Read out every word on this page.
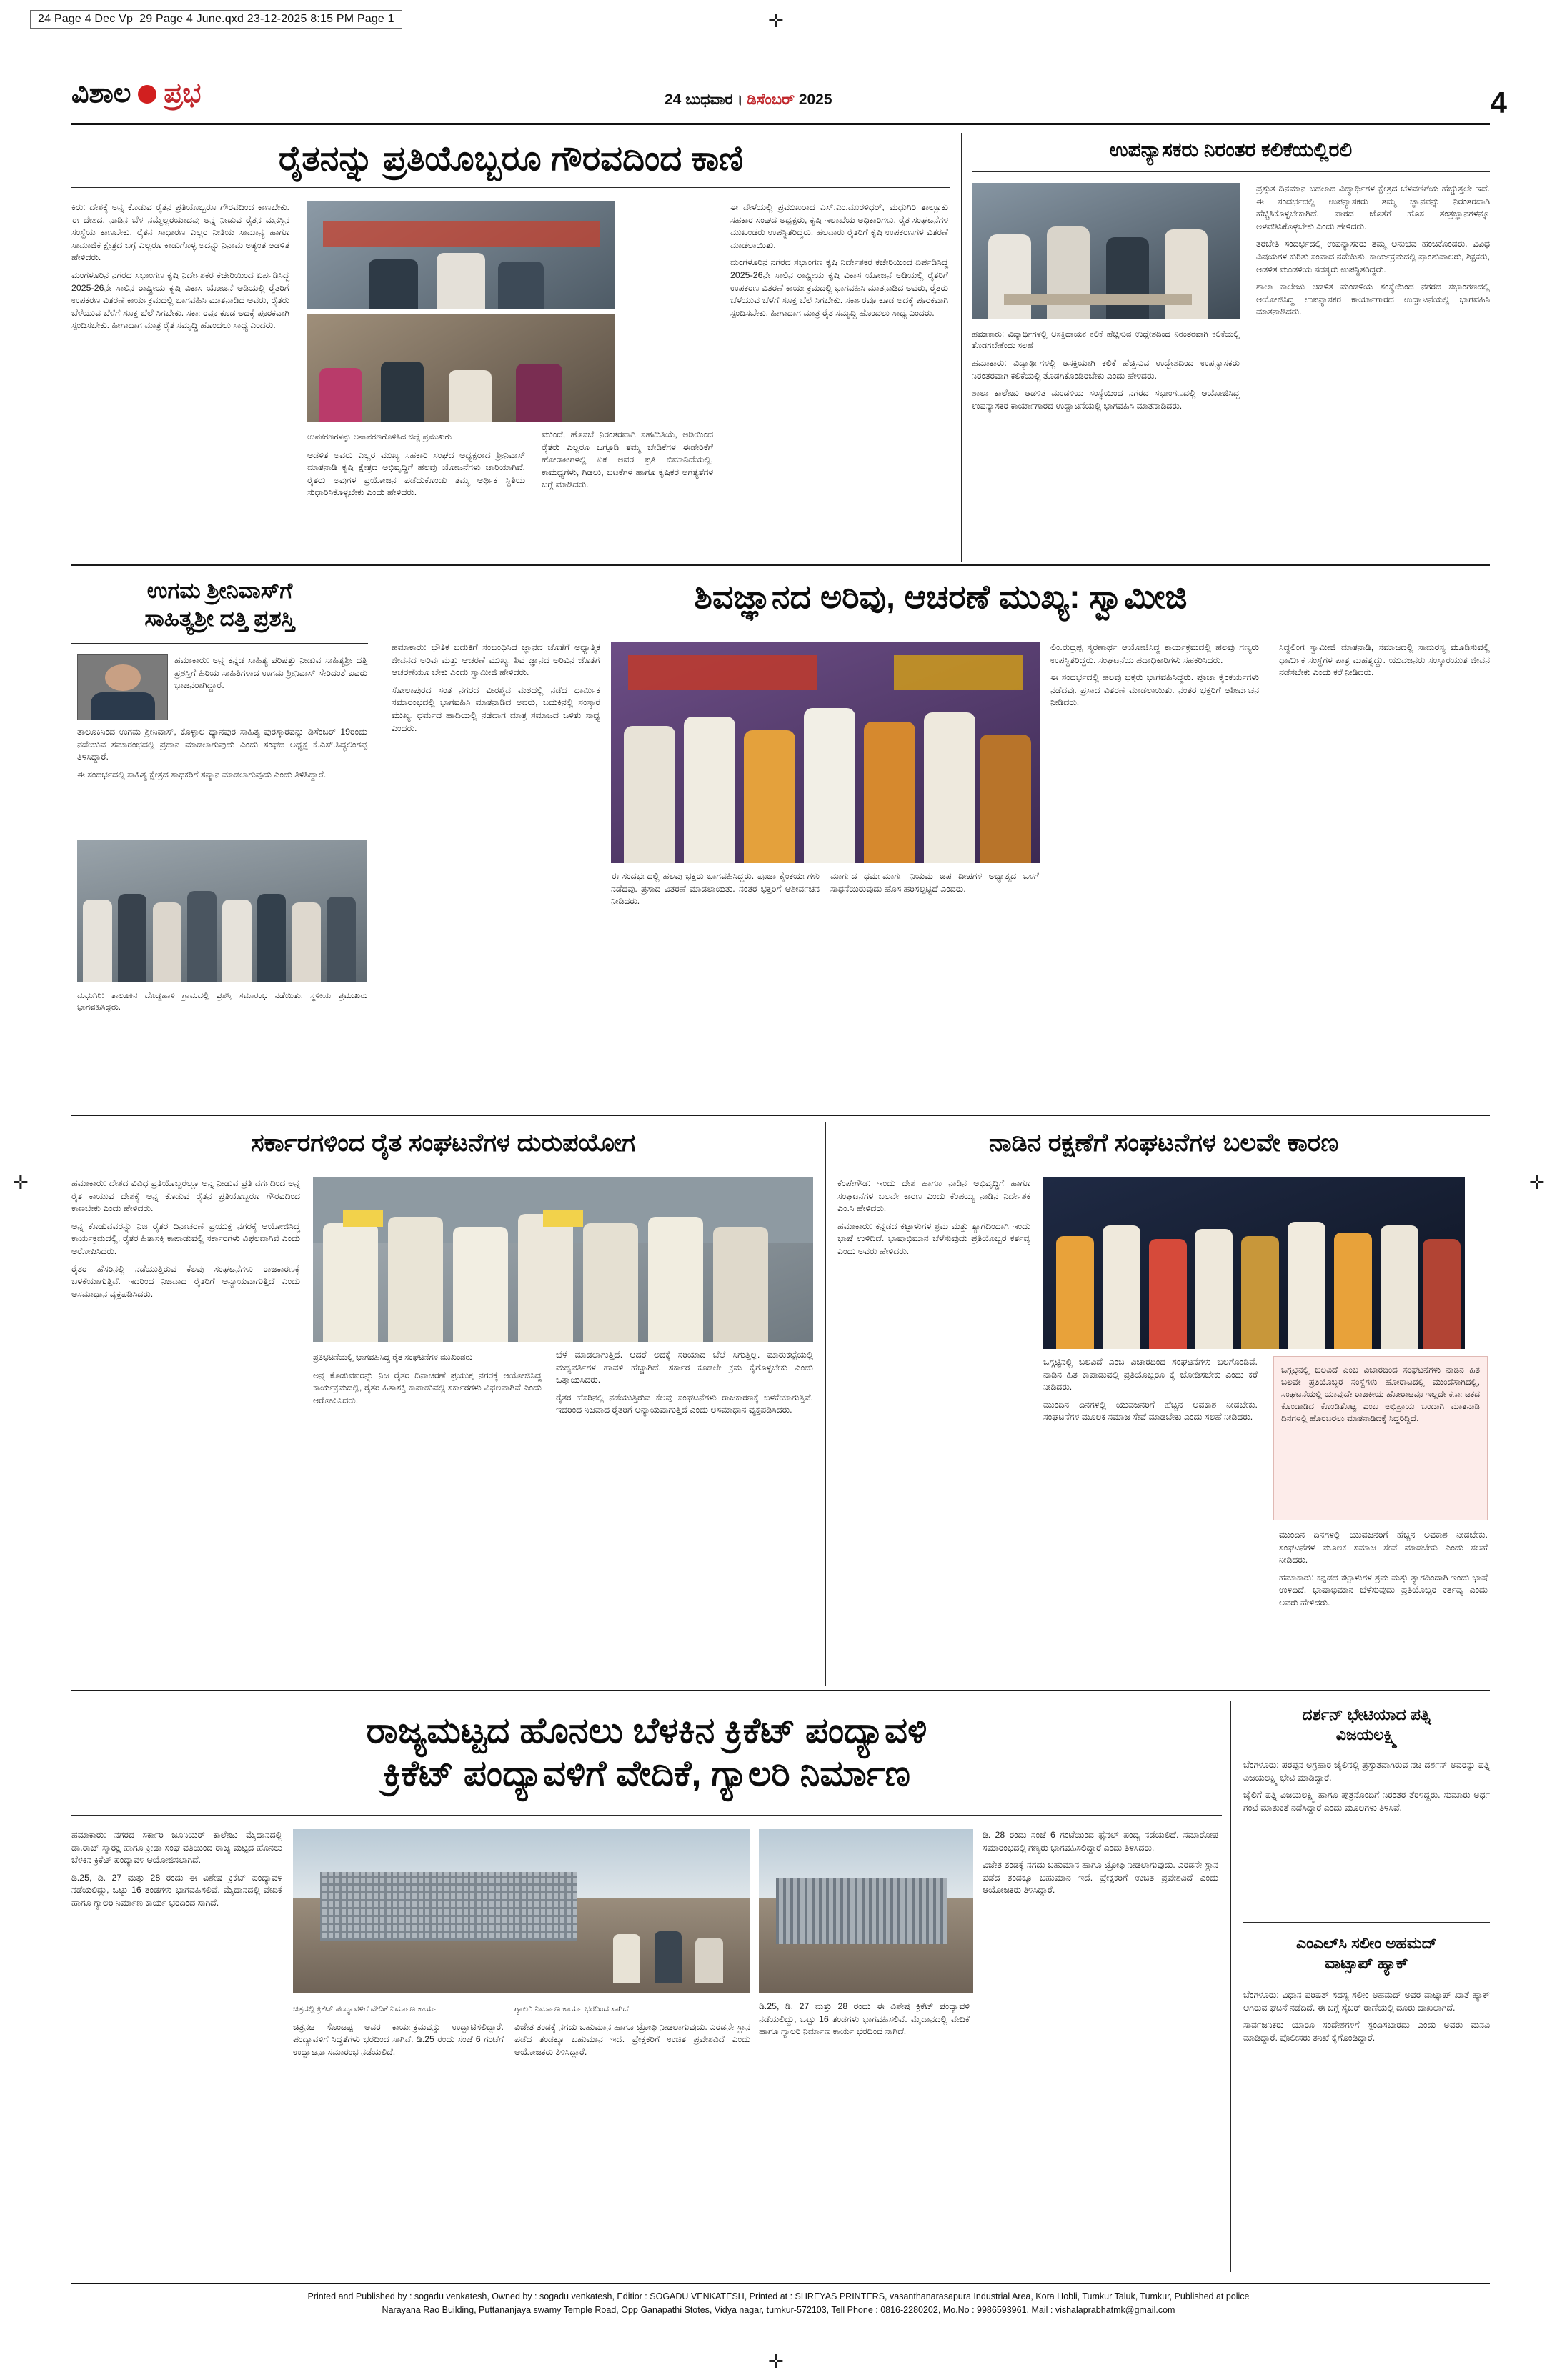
24 Page 4 Dec Vp_29 Page 4 June.qxd 23-12-2025 8:15 PM Page 1	✛
✛	✛
✛
ವಿಶಾಲ ಪ್ರಭ	24 ಬುಧವಾರ । ಡಿಸೆಂಬರ್ 2025	4
ರೈತನನ್ನು ಪ್ರತಿಯೊಬ್ಬರೂ ಗೌರವದಿಂದ ಕಾಣಿ

ಕಿರು: ದೇಶಕ್ಕೆ ಅನ್ನ ಕೊಡುವ ರೈತನ ಪ್ರತಿಯೊಬ್ಬರೂ ಗೌರವದಿಂದ ಕಾಣಬೇಕು. ಈ ದೇಶದ, ನಾಡಿನ ಬೆಳ ನಮ್ಮೆಲ್ಲರಯಾದವು ಅನ್ನ ನೀಡುವ ರೈತನ ಮನಸ್ಸಿನ ಸಂಸ್ಥೆಯ ಕಾಣಬೇಕು. ರೈತನ ಸಾಧಾರಣ ಎಲ್ಲರ ನೀತಿಯ ಸಾಮಾನ್ಯ ಹಾಗೂ ಸಾಮಾಜಿಕ ಕ್ಷೇತ್ರದ ಬಗ್ಗೆ ಎಲ್ಲರೂ ಕಾಡುಗೊಳ್ಳ ಅದನ್ನು ನಿನಾಮ ಅತ್ಯಂತ ಆಡಳಿತ ಹೇಳಿದರು.

ಮಂಗಳೂರಿನ ನಗರದ ಸಭಾಂಗಣ ಕೃಷಿ ನಿರ್ದೇಶಕರ ಕಚೇರಿಯಿಂದ ಏರ್ಪಡಿಸಿದ್ದ 2025-26ನೇ ಸಾಲಿನ ರಾಷ್ಟ್ರೀಯ ಕೃಷಿ ವಿಕಾಸ ಯೋಜನೆ ಅಡಿಯಲ್ಲಿ ರೈತರಿಗೆ ಉಪಕರಣ ವಿತರಣೆ ಕಾರ್ಯಕ್ರಮದಲ್ಲಿ ಭಾಗವಹಿಸಿ ಮಾತನಾಡಿದ ಅವರು, ರೈತರು ಬೆಳೆಯುವ ಬೆಳೆಗೆ ಸೂಕ್ತ ಬೆಲೆ ಸಿಗಬೇಕು. ಸರ್ಕಾರವೂ ಕೂಡ ಅದಕ್ಕೆ ಪೂರಕವಾಗಿ ಸ್ಪಂದಿಸಬೇಕು. ಹೀಗಾದಾಗ ಮಾತ್ರ ರೈತ ಸಮೃದ್ಧಿ ಹೊಂದಲು ಸಾಧ್ಯ ಎಂದರು.

ಉಪಕರಣಗಳನ್ನು ಅನಾವರಣಗೊಳಿಸಿದ ಜಿಲ್ಲೆ ಪ್ರಮುಖರು

ಆಡಳಿತ ಅವರು ಎಲ್ಲರ ಮುಖ್ಯ ಸಹಕಾರಿ ಸಂಘದ ಅಧ್ಯಕ್ಷರಾದ ಶ್ರೀನಿವಾಸ್ ಮಾತನಾಡಿ ಕೃಷಿ ಕ್ಷೇತ್ರದ ಅಭಿವೃದ್ಧಿಗೆ ಹಲವು ಯೋಜನೆಗಳು ಜಾರಿಯಾಗಿವೆ. ರೈತರು ಅವುಗಳ ಪ್ರಯೋಜನ ಪಡೆದುಕೊಂಡು ತಮ್ಮ ಆರ್ಥಿಕ ಸ್ಥಿತಿಯ ಸುಧಾರಿಸಿಕೊಳ್ಳಬೇಕು ಎಂದು ಹೇಳಿದರು.

ಮುಂದೆ, ಹೊಸಬೆ ನಿರಂತರವಾಗಿ ಸಹಮಿತಿಯೆ, ಅಡಿಯಿಂದ ರೈತರು ಎಲ್ಲರೂ ಒಗ್ಗೂಡಿ ತಮ್ಮ ಬೇಡಿಕೆಗಳ ಈಡೇರಿಕೆಗೆ ಹೋರಾಟಗಳಲ್ಲಿ ಏಕ ಅವರ ಪ್ರತಿ ಬಿಮಾನಿದೆಯಲ್ಲಿ, ಕಾಮಧ್ಯಗಳು, ಗಿಡಲು, ಬಟಕೆಗಳ ಹಾಗೂ ಕೃಷಿಕರ ಅಗತ್ಯತೆಗಳ ಬಗ್ಗೆ ಮಾಡಿದರು.

ಈ ವೇಳೆಯಲ್ಲಿ ಪ್ರಮುಖರಾದ ಎಸ್.ಎಂ.ಮುರಳಿಧರ್, ಮಧುಗಿರಿ ತಾಲ್ಲೂಕು ಸಹಕಾರ ಸಂಘದ ಅಧ್ಯಕ್ಷರು, ಕೃಷಿ ಇಲಾಖೆಯ ಅಧಿಕಾರಿಗಳು, ರೈತ ಸಂಘಟನೆಗಳ ಮುಖಂಡರು ಉಪಸ್ಥಿತರಿದ್ದರು. ಹಲವಾರು ರೈತರಿಗೆ ಕೃಷಿ ಉಪಕರಣಗಳ ವಿತರಣೆ ಮಾಡಲಾಯಿತು.

ಮಂಗಳೂರಿನ ನಗರದ ಸಭಾಂಗಣ ಕೃಷಿ ನಿರ್ದೇಶಕರ ಕಚೇರಿಯಿಂದ ಏರ್ಪಡಿಸಿದ್ದ 2025-26ನೇ ಸಾಲಿನ ರಾಷ್ಟ್ರೀಯ ಕೃಷಿ ವಿಕಾಸ ಯೋಜನೆ ಅಡಿಯಲ್ಲಿ ರೈತರಿಗೆ ಉಪಕರಣ ವಿತರಣೆ ಕಾರ್ಯಕ್ರಮದಲ್ಲಿ ಭಾಗವಹಿಸಿ ಮಾತನಾಡಿದ ಅವರು, ರೈತರು ಬೆಳೆಯುವ ಬೆಳೆಗೆ ಸೂಕ್ತ ಬೆಲೆ ಸಿಗಬೇಕು. ಸರ್ಕಾರವೂ ಕೂಡ ಅದಕ್ಕೆ ಪೂರಕವಾಗಿ ಸ್ಪಂದಿಸಬೇಕು. ಹೀಗಾದಾಗ ಮಾತ್ರ ರೈತ ಸಮೃದ್ಧಿ ಹೊಂದಲು ಸಾಧ್ಯ ಎಂದರು.

ಉಪನ್ಯಾಸಕರು ನಿರಂತರ ಕಲಿಕೆಯಲ್ಲಿರಲಿ
ಹಮಾಕಾರು: ವಿದ್ಯಾರ್ಥಿಗಳಲ್ಲಿ ಆಸಕ್ತಿದಾಯಕ ಕಲಿಕೆ ಹೆಚ್ಚಿಸುವ ಉದ್ದೇಶದಿಂದ ನಿರಂತರವಾಗಿ ಕಲಿಕೆಯಲ್ಲಿ ತೊಡಗಬೇಕೆಂದು ಸಲಹೆ

ಹಮಾಕಾರು: ವಿದ್ಯಾರ್ಥಿಗಳಲ್ಲಿ ಆಸಕ್ತಿಯಾಗಿ ಕಲಿಕೆ ಹೆಚ್ಚಿಸುವ ಉದ್ದೇಶದಿಂದ ಉಪನ್ಯಾಸಕರು ನಿರಂತರವಾಗಿ ಕಲಿಕೆಯಲ್ಲಿ ತೊಡಗಿಕೊಂಡಿರಬೇಕು ಎಂದು ಹೇಳಿದರು.

ಶಾಲಾ ಕಾಲೇಜು ಆಡಳಿತ ಮಂಡಳಿಯ ಸಂಸ್ಥೆಯಿಂದ ನಗರದ ಸಭಾಂಗಣದಲ್ಲಿ ಆಯೋಜಿಸಿದ್ದ ಉಪನ್ಯಾಸಕರ ಕಾರ್ಯಾಗಾರದ ಉದ್ಘಾಟನೆಯಲ್ಲಿ ಭಾಗವಹಿಸಿ ಮಾತನಾಡಿದರು.

ಪ್ರಸ್ತುತ ದಿನಮಾನ ಬದಲಾದ ವಿದ್ಯಾರ್ಥಿಗಳ ಕ್ಷೇತ್ರದ ಬೆಳವಣಿಗೆಯ ಹೆಚ್ಚುತ್ತಲೇ ಇದೆ. ಈ ಸಂದರ್ಭದಲ್ಲಿ ಉಪನ್ಯಾಸಕರು ತಮ್ಮ ಜ್ಞಾನವನ್ನು ನಿರಂತರವಾಗಿ ಹೆಚ್ಚಿಸಿಕೊಳ್ಳಬೇಕಾಗಿದೆ. ಪಾಠದ ಜೊತೆಗೆ ಹೊಸ ತಂತ್ರಜ್ಞಾನಗಳನ್ನೂ ಅಳವಡಿಸಿಕೊಳ್ಳಬೇಕು ಎಂದು ಹೇಳಿದರು.

ತರಬೇತಿ ಸಂದರ್ಭದಲ್ಲಿ ಉಪನ್ಯಾಸಕರು ತಮ್ಮ ಅನುಭವ ಹಂಚಿಕೊಂಡರು. ವಿವಿಧ ವಿಷಯಗಳ ಕುರಿತು ಸಂವಾದ ನಡೆಯಿತು. ಕಾರ್ಯಕ್ರಮದಲ್ಲಿ ಪ್ರಾಂಶುಪಾಲರು, ಶಿಕ್ಷಕರು, ಆಡಳಿತ ಮಂಡಳಿಯ ಸದಸ್ಯರು ಉಪಸ್ಥಿತರಿದ್ದರು.

ಶಾಲಾ ಕಾಲೇಜು ಆಡಳಿತ ಮಂಡಳಿಯ ಸಂಸ್ಥೆಯಿಂದ ನಗರದ ಸಭಾಂಗಣದಲ್ಲಿ ಆಯೋಜಿಸಿದ್ದ ಉಪನ್ಯಾಸಕರ ಕಾರ್ಯಾಗಾರದ ಉದ್ಘಾಟನೆಯಲ್ಲಿ ಭಾಗವಹಿಸಿ ಮಾತನಾಡಿದರು.

ಉಗಮ ಶ್ರೀನಿವಾಸ್‌ಗೆ
ಸಾಹಿತ್ಯಶ್ರೀ ದತ್ತಿ ಪ್ರಶಸ್ತಿ

ಹಮಾಕಾರು: ಅನ್ನ ಕನ್ನಡ ಸಾಹಿತ್ಯ ಪರಿಷತ್ತು ನೀಡುವ ಸಾಹಿತ್ಯಶ್ರೀ ದತ್ತಿ ಪ್ರಶಸ್ತಿಗೆ ಹಿರಿಯ ಸಾಹಿತಿಗಳಾದ ಉಗಮ ಶ್ರೀನಿವಾಸ್ ಸೇರಿದಂತೆ ಐವರು ಭಾಜನರಾಗಿದ್ದಾರೆ.

ತಾಲೂಕಿನಿಂದ ಉಗಮ ಶ್ರೀನಿವಾಸ್, ಕೊಳ್ಳಾಲ ದ್ಯಾನಪುರ ಸಾಹಿತ್ಯ ಪುರಸ್ಕಾರವನ್ನು ಡಿಸೆಂಬರ್ 19ರಂದು ನಡೆಯುವ ಸಮಾರಂಭದಲ್ಲಿ ಪ್ರದಾನ ಮಾಡಲಾಗುವುದು ಎಂದು ಸಂಘದ ಅಧ್ಯಕ್ಷ ಕೆ.ಎಸ್.ಸಿದ್ಧಲಿಂಗಪ್ಪ ತಿಳಿಸಿದ್ದಾರೆ.

ಈ ಸಂದರ್ಭದಲ್ಲಿ ಸಾಹಿತ್ಯ ಕ್ಷೇತ್ರದ ಸಾಧಕರಿಗೆ ಸನ್ಮಾನ ಮಾಡಲಾಗುವುದು ಎಂದು ತಿಳಿಸಿದ್ದಾರೆ.

ಮಧುಗಿರಿ: ತಾಲೂಕಿನ ದೊಡ್ಡಹಾಳಿ ಗ್ರಾಮದಲ್ಲಿ ಪ್ರಶಸ್ತಿ ಸಮಾರಂಭ ನಡೆಯಿತು. ಸ್ಥಳೀಯ ಪ್ರಮುಖರು ಭಾಗವಹಿಸಿದ್ದರು.
ಶಿವಜ್ಞಾನದ ಅರಿವು, ಆಚರಣೆ ಮುಖ್ಯ: ಸ್ವಾಮೀಜಿ

ಹಮಾಕಾರು: ಭೌತಿಕ ಬದುಕಿಗೆ ಸಂಬಂಧಿಸಿದ ಜ್ಞಾನದ ಜೊತೆಗೆ ಆಧ್ಯಾತ್ಮಿಕ ಜೀವನದ ಅರಿವು ಮತ್ತು ಆಚರಣೆ ಮುಖ್ಯ. ಶಿವ ಜ್ಞಾನದ ಅರಿವಿನ ಜೊತೆಗೆ ಆಚರಣೆಯೂ ಬೇಕು ಎಂದು ಸ್ವಾಮೀಜಿ ಹೇಳಿದರು.

ಸೋಲಾಪುರದ ಸಂತ ನಗರದ ವೀರಶೈವ ಮಠದಲ್ಲಿ ನಡೆದ ಧಾರ್ಮಿಕ ಸಮಾರಂಭದಲ್ಲಿ ಭಾಗವಹಿಸಿ ಮಾತನಾಡಿದ ಅವರು, ಬದುಕಿನಲ್ಲಿ ಸಂಸ್ಕಾರ ಮುಖ್ಯ. ಧರ್ಮದ ಹಾದಿಯಲ್ಲಿ ನಡೆದಾಗ ಮಾತ್ರ ಸಮಾಜದ ಒಳಿತು ಸಾಧ್ಯ ಎಂದರು.

ಈ ಸಂದರ್ಭದಲ್ಲಿ ಹಲವು ಭಕ್ತರು ಭಾಗವಹಿಸಿದ್ದರು. ಪೂಜಾ ಕೈಂಕರ್ಯಗಳು ನಡೆದವು. ಪ್ರಸಾದ ವಿತರಣೆ ಮಾಡಲಾಯಿತು. ನಂತರ ಭಕ್ತರಿಗೆ ಆಶೀರ್ವಚನ ನೀಡಿದರು.

ಮಾರ್ಗದ ಧರ್ಮಮಾರ್ಗ ನಿಯಮ ಜಪ ದೀಪಗಳ ಅಧ್ಯಾತ್ಮದ ಒಳಗೆ ಸಾಧನೆಯಿರುವುದು ಹೊಸ ಹರಿಸಲ್ಪಟ್ಟಿದೆ ಎಂದರು.

ಲಿಂ.ರುದ್ರಪ್ಪ ಸ್ಮರಣಾರ್ಥ ಆಯೋಜಿಸಿದ್ದ ಕಾರ್ಯಕ್ರಮದಲ್ಲಿ ಹಲವು ಗಣ್ಯರು ಉಪಸ್ಥಿತರಿದ್ದರು. ಸಂಘಟನೆಯ ಪದಾಧಿಕಾರಿಗಳು ಸಹಕರಿಸಿದರು.

ಈ ಸಂದರ್ಭದಲ್ಲಿ ಹಲವು ಭಕ್ತರು ಭಾಗವಹಿಸಿದ್ದರು. ಪೂಜಾ ಕೈಂಕರ್ಯಗಳು ನಡೆದವು. ಪ್ರಸಾದ ವಿತರಣೆ ಮಾಡಲಾಯಿತು. ನಂತರ ಭಕ್ತರಿಗೆ ಆಶೀರ್ವಚನ ನೀಡಿದರು.

ಸಿದ್ಧಲಿಂಗ ಸ್ವಾಮೀಜಿ ಮಾತನಾಡಿ, ಸಮಾಜದಲ್ಲಿ ಸಾಮರಸ್ಯ ಮೂಡಿಸುವಲ್ಲಿ ಧಾರ್ಮಿಕ ಸಂಸ್ಥೆಗಳ ಪಾತ್ರ ಮಹತ್ವದ್ದು. ಯುವಜನರು ಸಂಸ್ಕಾರಯುತ ಜೀವನ ನಡೆಸಬೇಕು ಎಂದು ಕರೆ ನೀಡಿದರು.

ಸರ್ಕಾರಗಳಿಂದ ರೈತ ಸಂಘಟನೆಗಳ ದುರುಪಯೋಗ

ಹಮಾಕಾರು: ದೇಶದ ವಿವಿಧ ಪ್ರತಿಯೊಬ್ಬರಲ್ಲೂ ಅನ್ನ ನೀಡುವ ಪ್ರತಿ ವರ್ಗದಿಂದ ಅನ್ನ ರೈತ ಕಾಯುವ ದೇಶಕ್ಕೆ ಅನ್ನ ಕೊಡುವ ರೈತನ ಪ್ರತಿಯೊಬ್ಬರೂ ಗೌರವದಿಂದ ಕಾಣಬೇಕು ಎಂದು ಹೇಳಿದರು.

ಅನ್ನ ಕೊಡುವವರನ್ನು ನಿಜ ರೈತರ ದಿನಾಚರಣೆ ಪ್ರಯುಕ್ತ ನಗರಕ್ಕೆ ಆಯೋಜಿಸಿದ್ದ ಕಾರ್ಯಕ್ರಮದಲ್ಲಿ, ರೈತರ ಹಿತಾಸಕ್ತಿ ಕಾಪಾಡುವಲ್ಲಿ ಸರ್ಕಾರಗಳು ವಿಫಲವಾಗಿವೆ ಎಂದು ಆರೋಪಿಸಿದರು.

ರೈತರ ಹೆಸರಿನಲ್ಲಿ ನಡೆಯುತ್ತಿರುವ ಕೆಲವು ಸಂಘಟನೆಗಳು ರಾಜಕಾರಣಕ್ಕೆ ಬಳಕೆಯಾಗುತ್ತಿವೆ. ಇದರಿಂದ ನಿಜವಾದ ರೈತರಿಗೆ ಅನ್ಯಾಯವಾಗುತ್ತಿದೆ ಎಂದು ಅಸಮಾಧಾನ ವ್ಯಕ್ತಪಡಿಸಿದರು.

ಪ್ರತಿಭಟನೆಯಲ್ಲಿ ಭಾಗವಹಿಸಿದ್ದ ರೈತ ಸಂಘಟನೆಗಳ ಮುಖಂಡರು

ಅನ್ನ ಕೊಡುವವರನ್ನು ನಿಜ ರೈತರ ದಿನಾಚರಣೆ ಪ್ರಯುಕ್ತ ನಗರಕ್ಕೆ ಆಯೋಜಿಸಿದ್ದ ಕಾರ್ಯಕ್ರಮದಲ್ಲಿ, ರೈತರ ಹಿತಾಸಕ್ತಿ ಕಾಪಾಡುವಲ್ಲಿ ಸರ್ಕಾರಗಳು ವಿಫಲವಾಗಿವೆ ಎಂದು ಆರೋಪಿಸಿದರು.

ಬೆಳೆ ಮಾಡಲಾಗುತ್ತಿದೆ. ಆದರೆ ಅದಕ್ಕೆ ಸರಿಯಾದ ಬೆಲೆ ಸಿಗುತ್ತಿಲ್ಲ. ಮಾರುಕಟ್ಟೆಯಲ್ಲಿ ಮಧ್ಯವರ್ತಿಗಳ ಹಾವಳಿ ಹೆಚ್ಚಾಗಿದೆ. ಸರ್ಕಾರ ಕೂಡಲೇ ಕ್ರಮ ಕೈಗೊಳ್ಳಬೇಕು ಎಂದು ಒತ್ತಾಯಿಸಿದರು.

ರೈತರ ಹೆಸರಿನಲ್ಲಿ ನಡೆಯುತ್ತಿರುವ ಕೆಲವು ಸಂಘಟನೆಗಳು ರಾಜಕಾರಣಕ್ಕೆ ಬಳಕೆಯಾಗುತ್ತಿವೆ. ಇದರಿಂದ ನಿಜವಾದ ರೈತರಿಗೆ ಅನ್ಯಾಯವಾಗುತ್ತಿದೆ ಎಂದು ಅಸಮಾಧಾನ ವ್ಯಕ್ತಪಡಿಸಿದರು.

ನಾಡಿನ ರಕ್ಷಣೆಗೆ ಸಂಘಟನೆಗಳ ಬಲವೇ ಕಾರಣ

ಕೆಂಪೇಗೌಡ: ಇಂದು ದೇಶ ಹಾಗೂ ನಾಡಿನ ಅಭಿವೃದ್ಧಿಗೆ ಹಾಗೂ ಸಂಘಟನೆಗಳ ಬಲವೇ ಕಾರಣ ಎಂದು ಕೆಂಪಯ್ಯ ನಾಡಿನ ನಿರ್ದೇಶಕ ಎಂ.ಸಿ ಹೇಳಿದರು.

ಹಮಾಕಾರು: ಕನ್ನಡದ ಕಟ್ಟಾಳುಗಳ ಶ್ರಮ ಮತ್ತು ತ್ಯಾಗದಿಂದಾಗಿ ಇಂದು ಭಾಷೆ ಉಳಿದಿದೆ. ಭಾಷಾಭಿಮಾನ ಬೆಳೆಸುವುದು ಪ್ರತಿಯೊಬ್ಬರ ಕರ್ತವ್ಯ ಎಂದು ಅವರು ಹೇಳಿದರು.

ಒಗ್ಗಟ್ಟಿನಲ್ಲಿ ಬಲವಿದೆ ಎಂಬ ವಿಚಾರದಿಂದ ಸಂಘಟನೆಗಳು ಬಲಗೊಂಡಿವೆ. ನಾಡಿನ ಹಿತ ಕಾಪಾಡುವಲ್ಲಿ ಪ್ರತಿಯೊಬ್ಬರೂ ಕೈ ಜೋಡಿಸಬೇಕು ಎಂದು ಕರೆ ನೀಡಿದರು.

ಮುಂದಿನ ದಿನಗಳಲ್ಲಿ ಯುವಜನರಿಗೆ ಹೆಚ್ಚಿನ ಅವಕಾಶ ನೀಡಬೇಕು. ಸಂಘಟನೆಗಳ ಮೂಲಕ ಸಮಾಜ ಸೇವೆ ಮಾಡಬೇಕು ಎಂದು ಸಲಹೆ ನೀಡಿದರು.

ಒಗ್ಗಟ್ಟಿನಲ್ಲಿ ಬಲವಿದೆ ಎಂಬ ವಿಚಾರದಿಂದ ಸಂಘಟನೆಗಳು ನಾಡಿನ ಹಿತ ಬಲವೇ ಪ್ರತಿಯೊಬ್ಬರ ಸಂಸ್ಥೆಗಳು ಹೋರಾಟದಲ್ಲಿ ಮುಂದೆಸಾಗಿದಲ್ಲಿ, ಸಂಘಟನೆಯಲ್ಲಿ ಯಾವುದೇ ರಾಜಕೀಯ ಹೋರಾಟವೂ ಇಲ್ಲದೇ ಕರ್ನಾಟಕದ ಕೊಂಡಾಡಿದ ಕೊಂಡಿತೊಟ್ಟ ಎಂಬ ಅಭಿಪ್ರಾಯ ಬಂದಾಗಿ ಮಾತನಾಡಿ ದಿನಗಳಲ್ಲಿ ಹೊರಬರಲು ಮಾತನಾಡಿದಕ್ಕೆ ಸಿದ್ಧರಿದ್ದಿದೆ.

ಮುಂದಿನ ದಿನಗಳಲ್ಲಿ ಯುವಜನರಿಗೆ ಹೆಚ್ಚಿನ ಅವಕಾಶ ನೀಡಬೇಕು. ಸಂಘಟನೆಗಳ ಮೂಲಕ ಸಮಾಜ ಸೇವೆ ಮಾಡಬೇಕು ಎಂದು ಸಲಹೆ ನೀಡಿದರು.

ಹಮಾಕಾರು: ಕನ್ನಡದ ಕಟ್ಟಾಳುಗಳ ಶ್ರಮ ಮತ್ತು ತ್ಯಾಗದಿಂದಾಗಿ ಇಂದು ಭಾಷೆ ಉಳಿದಿದೆ. ಭಾಷಾಭಿಮಾನ ಬೆಳೆಸುವುದು ಪ್ರತಿಯೊಬ್ಬರ ಕರ್ತವ್ಯ ಎಂದು ಅವರು ಹೇಳಿದರು.

ರಾಜ್ಯಮಟ್ಟದ ಹೊನಲು ಬೆಳಕಿನ ಕ್ರಿಕೆಟ್ ಪಂದ್ಯಾವಳಿ
ಕ್ರಿಕೆಟ್ ಪಂದ್ಯಾವಳಿಗೆ ವೇದಿಕೆ, ಗ್ಯಾಲರಿ ನಿರ್ಮಾಣ

ಹಮಾಕಾರು: ನಗರದ ಸರ್ಕಾರಿ ಜೂನಿಯರ್ ಕಾಲೇಜು ಮೈದಾನದಲ್ಲಿ ಡಾ.ರಾಜ್ ಸ್ಮಾರಕ್ಷ ಹಾಗೂ ಕ್ರೀಡಾ ಸಂಘ ವತಿಯಿಂದ ರಾಜ್ಯ ಮಟ್ಟದ ಹೊನಲು ಬೆಳಕಿನ ಕ್ರಿಕೆಟ್ ಪಂದ್ಯಾವಳಿ ಆಯೋಜಿಸಲಾಗಿದೆ.

ಡಿ.25, ಡಿ. 27 ಮತ್ತು 28 ರಂದು ಈ ವಿಶೇಷ ಕ್ರಿಕೆಟ್ ಪಂದ್ಯಾವಳಿ ನಡೆಯಲಿದ್ದು, ಒಟ್ಟು 16 ತಂಡಗಳು ಭಾಗವಹಿಸಲಿವೆ. ಮೈದಾನದಲ್ಲಿ ವೇದಿಕೆ ಹಾಗೂ ಗ್ಯಾಲರಿ ನಿರ್ಮಾಣ ಕಾರ್ಯ ಭರದಿಂದ ಸಾಗಿದೆ.

ಚಿತ್ರದಲ್ಲಿ ಕ್ರಿಕೆಟ್ ಪಂದ್ಯಾವಳಿಗೆ ವೇದಿಕೆ ನಿರ್ಮಾಣ ಕಾರ್ಯ

ಚಿತ್ರನಟ ಸೊಂಟಪ್ಪ ಅವರ ಕಾರ್ಯಕ್ರಮವನ್ನು ಉದ್ಘಾಟಿಸಲಿದ್ದಾರೆ. ಪಂದ್ಯಾವಳಿಗೆ ಸಿದ್ಧತೆಗಳು ಭರದಿಂದ ಸಾಗಿವೆ. ಡಿ.25 ರಂದು ಸಂಜೆ 6 ಗಂಟೆಗೆ ಉದ್ಘಾಟನಾ ಸಮಾರಂಭ ನಡೆಯಲಿದೆ.

ಗ್ಯಾಲರಿ ನಿರ್ಮಾಣ ಕಾರ್ಯ ಭರದಿಂದ ಸಾಗಿದೆ

ವಿಜೇತ ತಂಡಕ್ಕೆ ನಗದು ಬಹುಮಾನ ಹಾಗೂ ಟ್ರೋಫಿ ನೀಡಲಾಗುವುದು. ಎರಡನೇ ಸ್ಥಾನ ಪಡೆದ ತಂಡಕ್ಕೂ ಬಹುಮಾನ ಇದೆ. ಪ್ರೇಕ್ಷಕರಿಗೆ ಉಚಿತ ಪ್ರವೇಶವಿದೆ ಎಂದು ಆಯೋಜಕರು ತಿಳಿಸಿದ್ದಾರೆ.

ಡಿ.25, ಡಿ. 27 ಮತ್ತು 28 ರಂದು ಈ ವಿಶೇಷ ಕ್ರಿಕೆಟ್ ಪಂದ್ಯಾವಳಿ ನಡೆಯಲಿದ್ದು, ಒಟ್ಟು 16 ತಂಡಗಳು ಭಾಗವಹಿಸಲಿವೆ. ಮೈದಾನದಲ್ಲಿ ವೇದಿಕೆ ಹಾಗೂ ಗ್ಯಾಲರಿ ನಿರ್ಮಾಣ ಕಾರ್ಯ ಭರದಿಂದ ಸಾಗಿದೆ.

ಡಿ. 28 ರಂದು ಸಂಜೆ 6 ಗಂಟೆಯಿಂದ ಫೈನಲ್ ಪಂದ್ಯ ನಡೆಯಲಿದೆ. ಸಮಾರೋಪ ಸಮಾರಂಭದಲ್ಲಿ ಗಣ್ಯರು ಭಾಗವಹಿಸಲಿದ್ದಾರೆ ಎಂದು ತಿಳಿಸಿದರು.

ವಿಜೇತ ತಂಡಕ್ಕೆ ನಗದು ಬಹುಮಾನ ಹಾಗೂ ಟ್ರೋಫಿ ನೀಡಲಾಗುವುದು. ಎರಡನೇ ಸ್ಥಾನ ಪಡೆದ ತಂಡಕ್ಕೂ ಬಹುಮಾನ ಇದೆ. ಪ್ರೇಕ್ಷಕರಿಗೆ ಉಚಿತ ಪ್ರವೇಶವಿದೆ ಎಂದು ಆಯೋಜಕರು ತಿಳಿಸಿದ್ದಾರೆ.

ದರ್ಶನ್ ಭೇಟಿಯಾದ ಪತ್ನಿ
ವಿಜಯಲಕ್ಷ್ಮಿ

ಬೆಂಗಳೂರು: ಪರಪ್ಪನ ಅಗ್ರಹಾರ ಜೈಲಿನಲ್ಲಿ ಪ್ರಸ್ತುತವಾಗಿರುವ ನಟ ದರ್ಶನ್ ಅವರನ್ನು ಪತ್ನಿ ವಿಜಯಲಕ್ಷ್ಮಿ ಭೇಟಿ ಮಾಡಿದ್ದಾರೆ.

ಜೈಲಿಗೆ ಪತ್ನಿ ವಿಜಯಲಕ್ಷ್ಮಿ ಹಾಗೂ ಪುತ್ರನೊಂದಿಗೆ ನಿರಂತರ ತೆರಳಿದ್ದರು. ಸುಮಾರು ಅರ್ಧ ಗಂಟೆ ಮಾತುಕತೆ ನಡೆಸಿದ್ದಾರೆ ಎಂದು ಮೂಲಗಳು ತಿಳಿಸಿವೆ.

ಎಂಎಲ್‌ಸಿ ಸಲೀಂ ಅಹಮದ್
ವಾಟ್ಸಾಪ್ ಹ್ಯಾಕ್

ಬೆಂಗಳೂರು: ವಿಧಾನ ಪರಿಷತ್ ಸದಸ್ಯ ಸಲೀಂ ಅಹಮದ್ ಅವರ ವಾಟ್ಸಾಪ್ ಖಾತೆ ಹ್ಯಾಕ್ ಆಗಿರುವ ಘಟನೆ ನಡೆದಿದೆ. ಈ ಬಗ್ಗೆ ಸೈಬರ್ ಠಾಣೆಯಲ್ಲಿ ದೂರು ದಾಖಲಾಗಿದೆ.

ಸಾರ್ವಜನಿಕರು ಯಾರೂ ಸಂದೇಶಗಳಿಗೆ ಸ್ಪಂದಿಸಬಾರದು ಎಂದು ಅವರು ಮನವಿ ಮಾಡಿದ್ದಾರೆ. ಪೊಲೀಸರು ತನಿಖೆ ಕೈಗೊಂಡಿದ್ದಾರೆ.

Printed and Published by : sogadu venkatesh, Owned by : sogadu venkatesh, Editior : SOGADU VENKATESH, Printed at : SHREYAS PRINTERS, vasanthanarasapura Industrial Area, Kora Hobli, Tumkur Taluk, Tumkur, Published at police
Narayana Rao Building, Puttananjaya swamy Temple Road, Opp Ganapathi Stotes, Vidya nagar, tumkur-572103, Tell Phone : 0816-2280202, Mo.No : 9986593961, Mail : vishalaprabhatmk@gmail.com
